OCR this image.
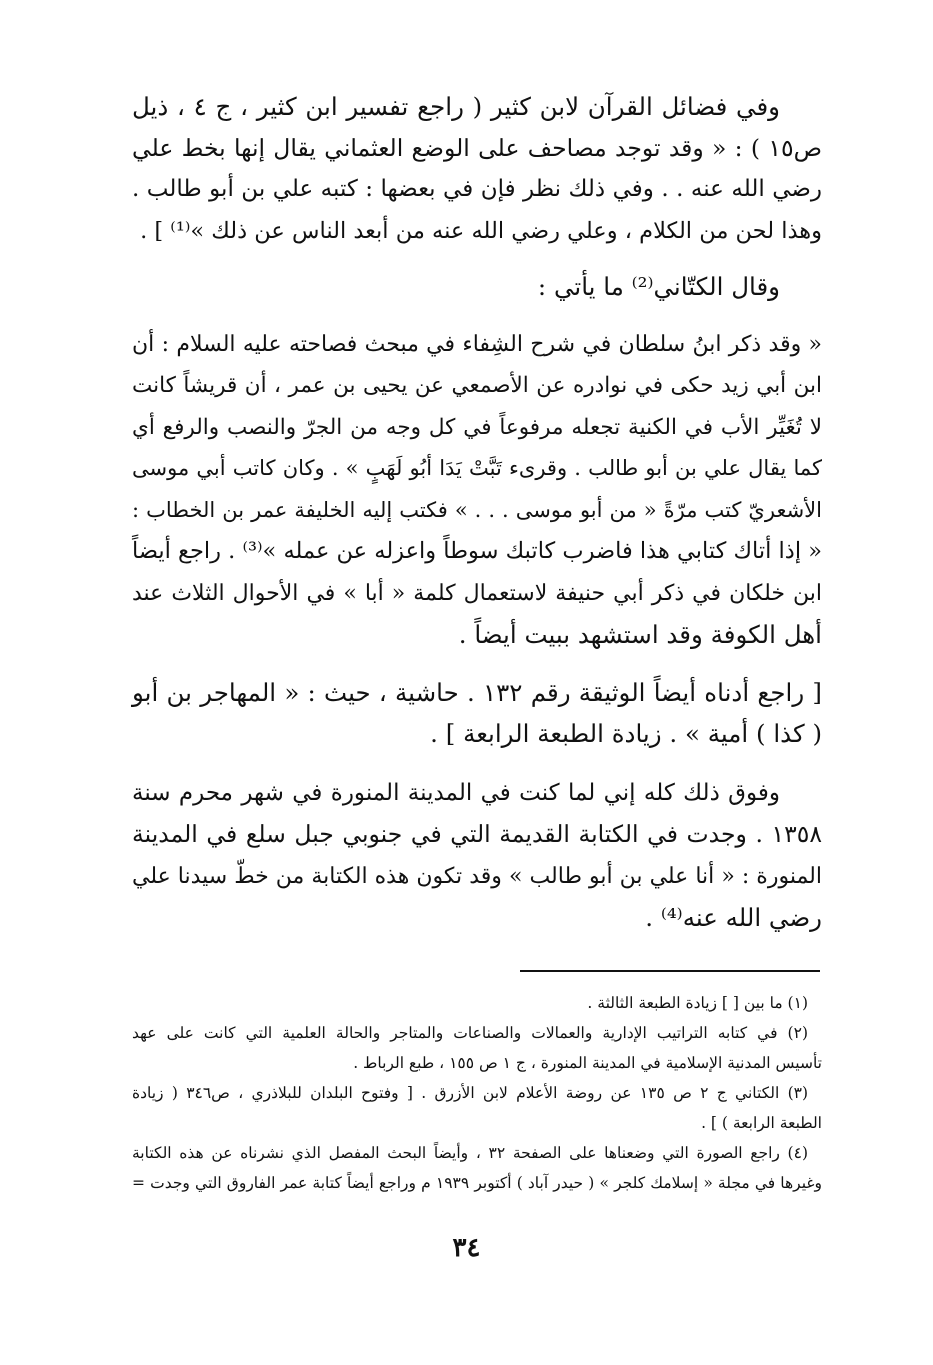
وفي فضائل القرآن لابن كثير ( راجع تفسير ابن كثير ، ج ٤ ، ذيل
ص١٥ ) : « وقد توجد مصاحف على الوضع العثماني يقال إنها بخط علي
رضي الله عنه . . وفي ذلك نظر فإن في بعضها : كتبه علي بن أبو طالب .
وهذا لحن من الكلام ، وعلي رضي الله عنه من أبعد الناس عن ذلك »⁽¹⁾ ] .

وقال الكتّاني⁽²⁾ ما يأتي :

« وقد ذكر ابنُ سلطان في شرح الشِفاء في مبحث فصاحته عليه السلام : أن
ابن أبي زيد حكى في نوادره عن الأصمعي عن يحيى بن عمر ، أن قريشاً كانت
لا تُغَيِّر الأب في الكنية تجعله مرفوعاً في كل وجه من الجرّ والنصب والرفع أي
كما يقال علي بن أبو طالب . وقرىء تَبَّتْ يَدَا أبُو لَهَبٍ » . وكان كاتب أبي موسى
الأشعريّ كتب مرّةً « من أبو موسى . . . » فكتب إليه الخليفة عمر بن الخطاب :
« إذا أتاك كتابي هذا فاضرب كاتبك سوطاً واعزله عن عمله »⁽³⁾ . راجع أيضاً
ابن خلكان في ذكر أبي حنيفة لاستعمال كلمة « أبا » في الأحوال الثلاث عند
أهل الكوفة وقد استشهد ببيت أيضاً .

[ راجع أدناه أيضاً الوثيقة رقم ١٣٢ . حاشية ، حيث : « المهاجر بن أبو
( كذا ) أمية » . زيادة الطبعة الرابعة ] .

وفوق ذلك كله إني لما كنت في المدينة المنورة في شهر محرم سنة
١٣٥٨ . وجدت في الكتابة القديمة التي في جنوبي جبل سلع في المدينة
المنورة : « أنا علي بن أبو طالب » وقد تكون هذه الكتابة من خطّ سيدنا علي
رضي الله عنه⁽⁴⁾ .

(١) ما بين [ ] زيادة الطبعة الثالثة .

(٢) في كتابه التراتيب الإدارية والعمالات والصناعات والمتاجر والحالة العلمية التي كانت على عهد
تأسيس المدنية الإسلامية في المدينة المنورة ، ج ١ ص ١٥٥ ، طبع الرباط .

(٣) الكتاني ج ٢ ص ١٣٥ عن روضة الأعلام لابن الأزرق . [ وفتوح البلدان للبلاذري ، ص٣٤٦ ( زيادة
الطبعة الرابعة ) ] .

(٤) راجع الصورة التي وضعناها على الصفحة ٣٢ ، وأيضاً البحث المفصل الذي نشرناه عن هذه الكتابة
وغيرها في مجلة « إسلامك كلجر » ( حيدر آباد ) أكتوبر ١٩٣٩ م وراجع أيضاً كتابة عمر الفاروق التي وجدت =

٣٤
